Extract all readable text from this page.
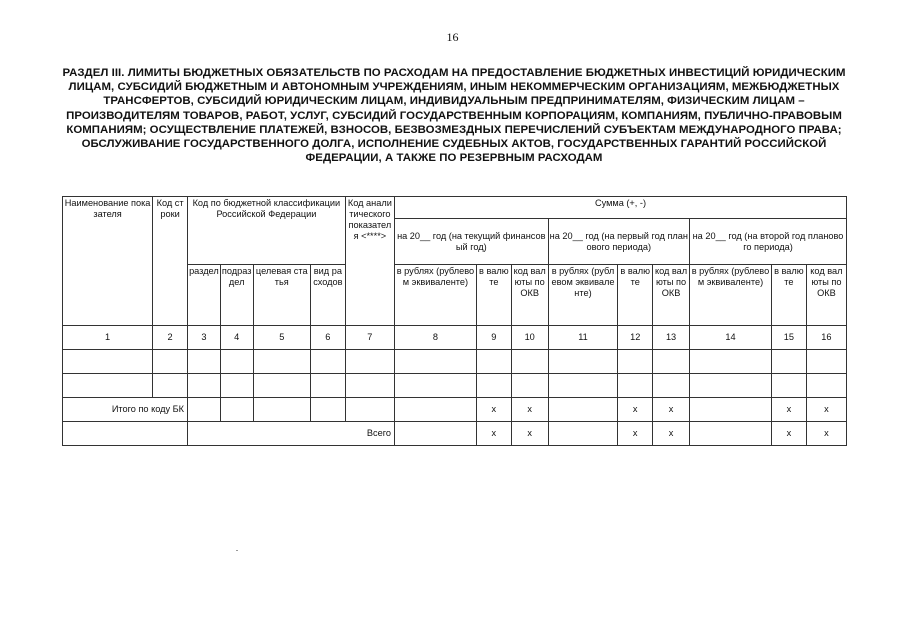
16
РАЗДЕЛ III. ЛИМИТЫ БЮДЖЕТНЫХ ОБЯЗАТЕЛЬСТВ ПО РАСХОДАМ НА ПРЕДОСТАВЛЕНИЕ БЮДЖЕТНЫХ ИНВЕСТИЦИЙ ЮРИДИЧЕСКИМ ЛИЦАМ, СУБСИДИЙ БЮДЖЕТНЫМ И АВТОНОМНЫМ УЧРЕЖДЕНИЯМ, ИНЫМ НЕКОММЕРЧЕСКИМ ОРГАНИЗАЦИЯМ, МЕЖБЮДЖЕТНЫХ ТРАНСФЕРТОВ, СУБСИДИЙ ЮРИДИЧЕСКИМ ЛИЦАМ, ИНДИВИДУАЛЬНЫМ ПРЕДПРИНИМАТЕЛЯМ, ФИЗИЧЕСКИМ ЛИЦАМ – ПРОИЗВОДИТЕЛЯМ ТОВАРОВ, РАБОТ, УСЛУГ, СУБСИДИЙ ГОСУДАРСТВЕННЫМ КОРПОРАЦИЯМ, КОМПАНИЯМ, ПУБЛИЧНО-ПРАВОВЫМ КОМПАНИЯМ; ОСУЩЕСТВЛЕНИЕ ПЛАТЕЖЕЙ, ВЗНОСОВ, БЕЗВОЗМЕЗДНЫХ ПЕРЕЧИСЛЕНИЙ СУБЪЕКТАМ МЕЖДУНАРОДНОГО ПРАВА; ОБСЛУЖИВАНИЕ ГОСУДАРСТВЕННОГО ДОЛГА, ИСПОЛНЕНИЕ СУДЕБНЫХ АКТОВ, ГОСУДАРСТВЕННЫХ ГАРАНТИЙ РОССИЙСКОЙ ФЕДЕРАЦИИ, А ТАКЖЕ ПО РЕЗЕРВНЫМ РАСХОДАМ
Наименование показателя	Код строки	Код по бюджетной классификации Российской Федерации				Код аналитического показателя <****>	Сумма (+, -)								
							на 20__ год (на текущий финансовый год)			на 20__ год (на первый год планового периода)			на 20__ год (на второй год планового периода)		
		раздел	подраздел	целевая статья	вид расходов		в рублях (рублевом эквиваленте)	в валюте	код валюты по ОКВ	в рублях (рублевом эквиваленте)	в валюте	код валюты по ОКВ	в рублях (рублевом эквиваленте)	в валюте	код валюты по ОКВ
1	2	3	4	5	6	7	8	9	10	11	12	13	14	15	16

Итого по коду БК								x	x		x	x		x	x
		Всего						x	x		x	x		x	x
